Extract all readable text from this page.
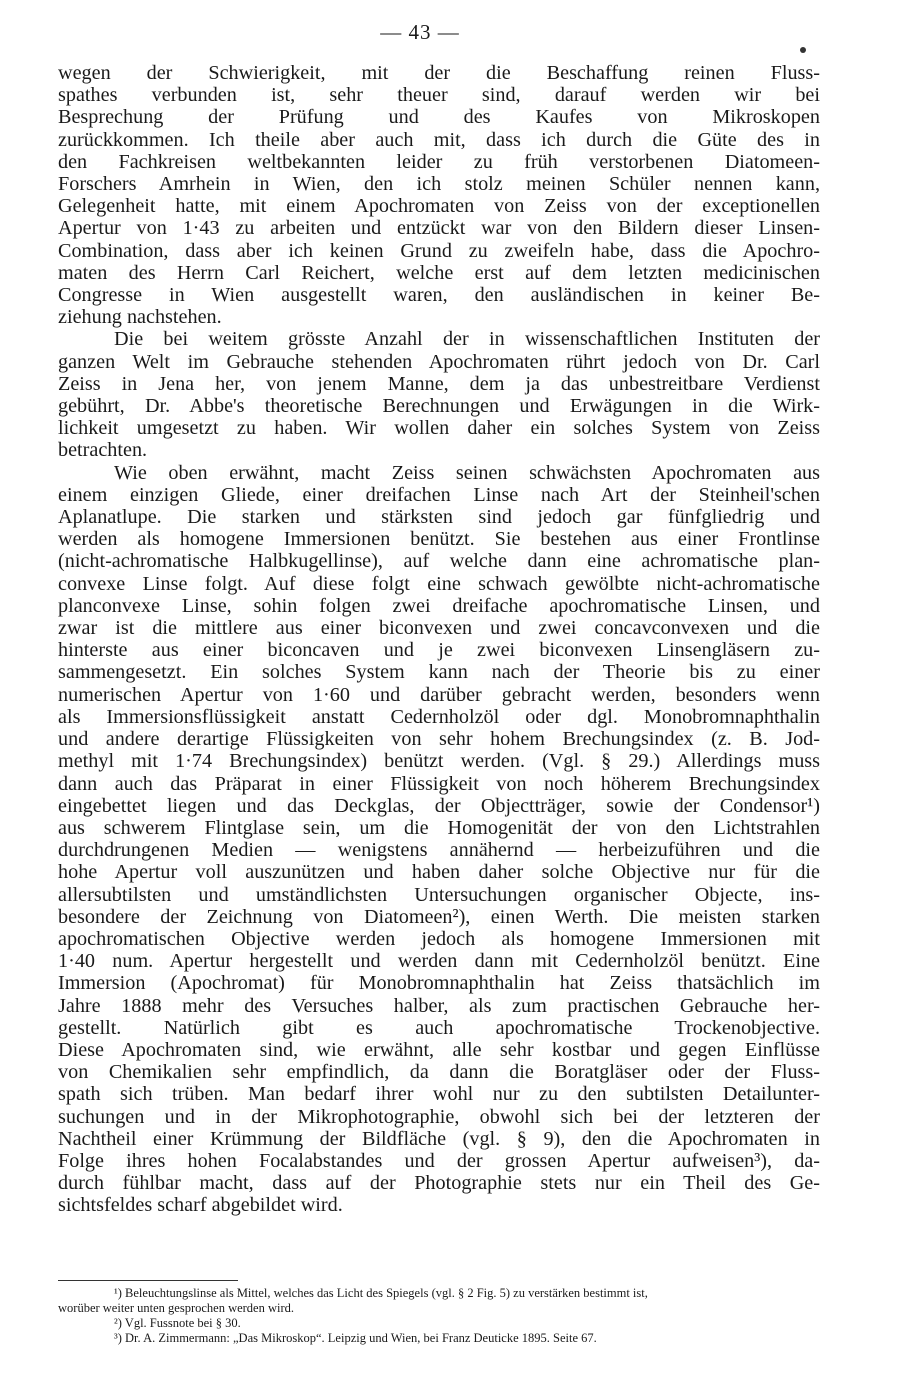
— 43 —
wegen der Schwierigkeit, mit der die Beschaffung reinen Fluss-
spathes verbunden ist, sehr theuer sind, darauf werden wir bei
Besprechung der Prüfung und des Kaufes von Mikroskopen
zurückkommen. Ich theile aber auch mit, dass ich durch die Güte des in
den Fachkreisen weltbekannten leider zu früh verstorbenen Diatomeen-
Forschers Amrhein in Wien, den ich stolz meinen Schüler nennen kann,
Gelegenheit hatte, mit einem Apochromaten von Zeiss von der exceptionellen
Apertur von 1·43 zu arbeiten und entzückt war von den Bildern dieser Linsen-
Combination, dass aber ich keinen Grund zu zweifeln habe, dass die Apochro-
maten des Herrn Carl Reichert, welche erst auf dem letzten medicinischen
Congresse in Wien ausgestellt waren, den ausländischen in keiner Be-
ziehung nachstehen.
Die bei weitem grösste Anzahl der in wissenschaftlichen Instituten der
ganzen Welt im Gebrauche stehenden Apochromaten rührt jedoch von Dr. Carl
Zeiss in Jena her, von jenem Manne, dem ja das unbestreitbare Verdienst
gebührt, Dr. Abbe's theoretische Berechnungen und Erwägungen in die Wirk-
lichkeit umgesetzt zu haben. Wir wollen daher ein solches System von Zeiss
betrachten.
Wie oben erwähnt, macht Zeiss seinen schwächsten Apochromaten aus
einem einzigen Gliede, einer dreifachen Linse nach Art der Steinheil'schen
Aplanatlupe. Die starken und stärksten sind jedoch gar fünfgliedrig und
werden als homogene Immersionen benützt. Sie bestehen aus einer Frontlinse
(nicht-achromatische Halbkugellinse), auf welche dann eine achromatische plan-
convexe Linse folgt. Auf diese folgt eine schwach gewölbte nicht-achromatische
planconvexe Linse, sohin folgen zwei dreifache apochromatische Linsen, und
zwar ist die mittlere aus einer biconvexen und zwei concavconvexen und die
hinterste aus einer biconcaven und je zwei biconvexen Linsengläsern zu-
sammengesetzt. Ein solches System kann nach der Theorie bis zu einer
numerischen Apertur von 1·60 und darüber gebracht werden, besonders wenn
als Immersionsflüssigkeit anstatt Cedernholzöl oder dgl. Monobromnaphthalin
und andere derartige Flüssigkeiten von sehr hohem Brechungsindex (z. B. Jod-
methyl mit 1·74 Brechungsindex) benützt werden. (Vgl. § 29.) Allerdings muss
dann auch das Präparat in einer Flüssigkeit von noch höherem Brechungsindex
eingebettet liegen und das Deckglas, der Objectträger, sowie der Condensor¹)
aus schwerem Flintglase sein, um die Homogenität der von den Lichtstrahlen
durchdrungenen Medien — wenigstens annähernd — herbeizuführen und die
hohe Apertur voll auszunützen und haben daher solche Objective nur für die
allersubtilsten und umständlichsten Untersuchungen organischer Objecte, ins-
besondere der Zeichnung von Diatomeen²), einen Werth. Die meisten starken
apochromatischen Objective werden jedoch als homogene Immersionen mit
1·40 num. Apertur hergestellt und werden dann mit Cedernholzöl benützt. Eine
Immersion (Apochromat) für Monobromnaphthalin hat Zeiss thatsächlich im
Jahre 1888 mehr des Versuches halber, als zum practischen Gebrauche her-
gestellt. Natürlich gibt es auch apochromatische Trockenobjective.
Diese Apochromaten sind, wie erwähnt, alle sehr kostbar und gegen Einflüsse
von Chemikalien sehr empfindlich, da dann die Boratgläser oder der Fluss-
spath sich trüben. Man bedarf ihrer wohl nur zu den subtilsten Detailunter-
suchungen und in der Mikrophotographie, obwohl sich bei der letzteren der
Nachtheil einer Krümmung der Bildfläche (vgl. § 9), den die Apochromaten in
Folge ihres hohen Focalabstandes und der grossen Apertur aufweisen³), da-
durch fühlbar macht, dass auf der Photographie stets nur ein Theil des Ge-
sichtsfeldes scharf abgebildet wird.
¹) Beleuchtungslinse als Mittel, welches das Licht des Spiegels (vgl. § 2 Fig. 5) zu verstärken bestimmt ist,
worüber weiter unten gesprochen werden wird.
²) Vgl. Fussnote bei § 30.
³) Dr. A. Zimmermann: „Das Mikroskop“. Leipzig und Wien, bei Franz Deuticke 1895. Seite 67.
